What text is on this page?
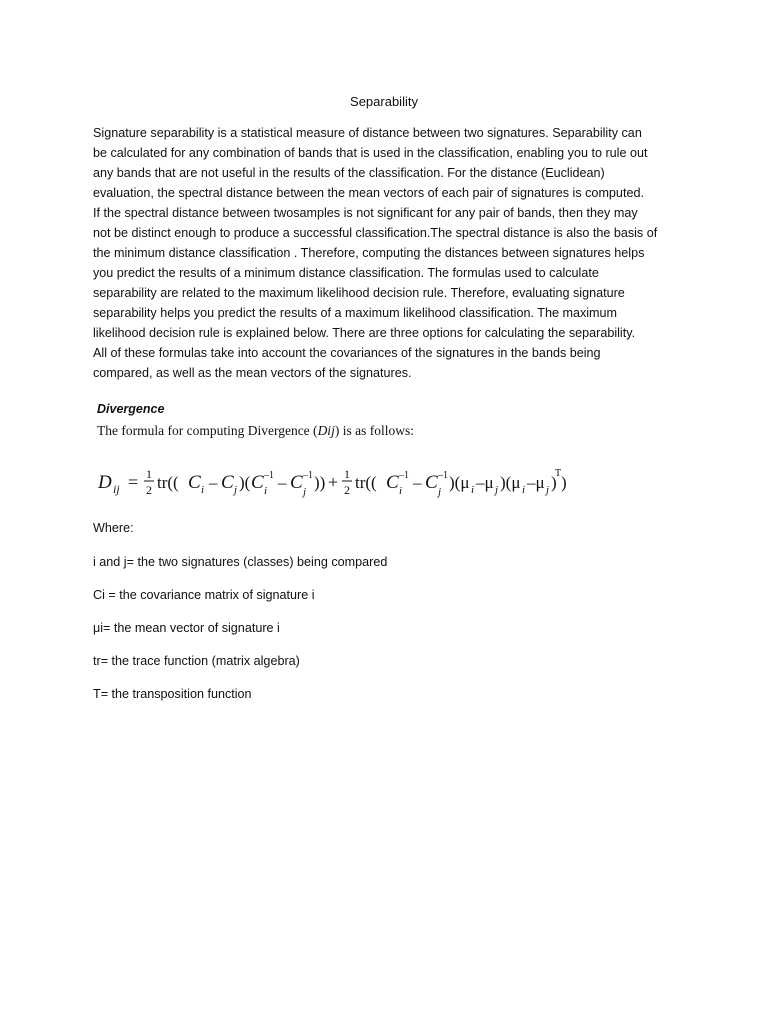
Separability
Signature separability is a statistical measure of distance between two signatures. Separability can
be calculated for any combination of bands that is used in the classification, enabling you to rule out
any bands that are not useful in the results of the classification. For the distance (Euclidean)
evaluation, the spectral distance between the mean vectors of each pair of signatures is computed.
If the spectral distance between twosamples is not significant for any pair of bands, then they may
not be distinct enough to produce a successful classification.The spectral distance is also the basis of
the minimum distance classification . Therefore, computing the distances between signatures helps
you predict the results of a minimum distance classification. The formulas used to calculate
separability are related to the maximum likelihood decision rule. Therefore, evaluating signature
separability helps you predict the results of a maximum likelihood classification. The maximum
likelihood decision rule is explained below. There are three options for calculating the separability.
All of these formulas take into account the covariances of the signatures in the bands being
compared, as well as the mean vectors of the signatures.
Divergence
The formula for computing Divergence (Dij) is as follows:
D ij = 1
2 tr(( C i – C j )( C –1
i – C –1
j )) + 1
2 tr(( C –1
i – C –1
j )(μ i –μ j )(μ i –μ j )
T )
Where:
i and j= the two signatures (classes) being compared
Ci = the covariance matrix of signature i
μi= the mean vector of signature i
tr= the trace function (matrix algebra)
T= the transposition function
